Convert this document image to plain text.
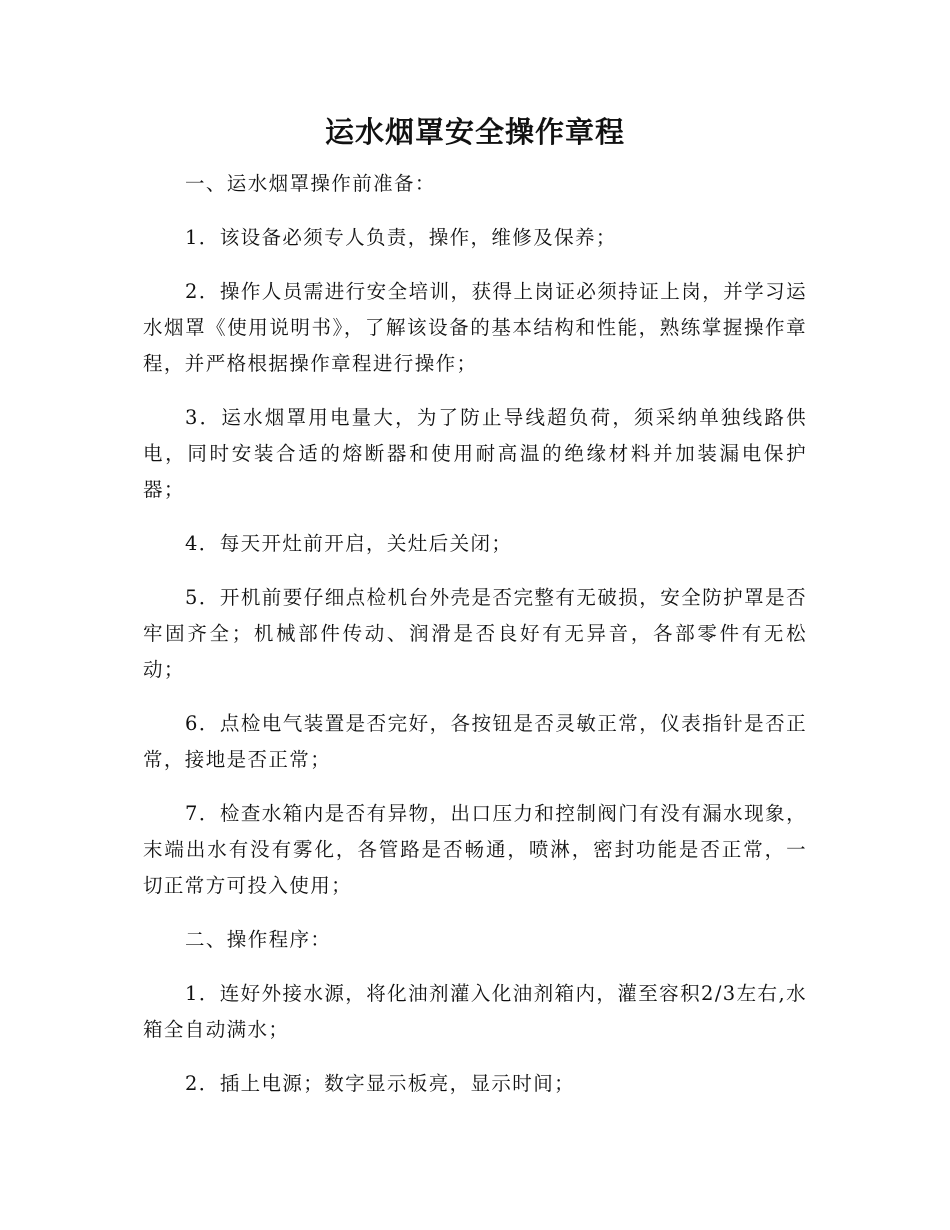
运水烟罩安全操作章程

一、运水烟罩操作前准备：

1．该设备必须专人负责，操作，维修及保养；

2．操作人员需进行安全培训，获得上岗证必须持证上岗，并学习运水烟罩《使用说明书》，了解该设备的基本结构和性能，熟练掌握操作章程，并严格根据操作章程进行操作；

3．运水烟罩用电量大，为了防止导线超负荷，须采纳单独线路供电，同时安装合适的熔断器和使用耐高温的绝缘材料并加装漏电保护器；

4．每天开灶前开启，关灶后关闭；

5．开机前要仔细点检机台外壳是否完整有无破损，安全防护罩是否牢固齐全；机械部件传动、润滑是否良好有无异音，各部零件有无松动；

6．点检电气装置是否完好，各按钮是否灵敏正常，仪表指针是否正常，接地是否正常；

7．检查水箱内是否有异物，出口压力和控制阀门有没有漏水现象，末端出水有没有雾化，各管路是否畅通，喷淋，密封功能是否正常，一切正常方可投入使用；

二、操作程序：

1．连好外接水源，将化油剂灌入化油剂箱内，灌至容积2/3左右,水箱全自动满水；

2．插上电源；数字显示板亮，显示时间；
